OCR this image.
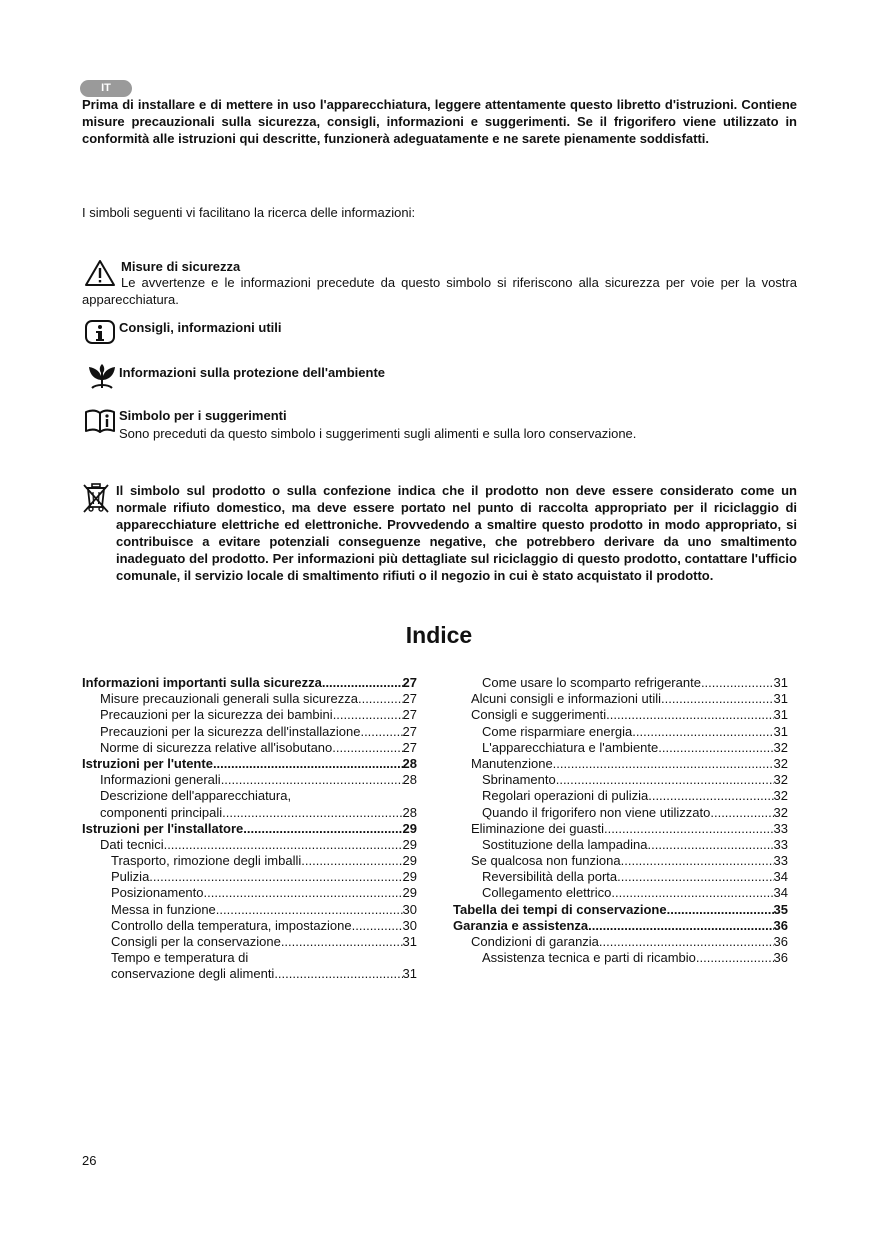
IT

Prima di installare e di mettere in uso l'apparecchiatura, leggere attentamente questo libretto d'istruzioni. Contiene misure precauzionali sulla sicurezza, consigli, informazioni e suggerimenti. Se il frigorifero viene utilizzato in conformità alle istruzioni qui descritte, funzionerà adeguatamente e ne sarete pienamente soddisfatti.

I simboli seguenti vi facilitano la ricerca delle informazioni:

Misure di sicurezza

Le avvertenze e le informazioni precedute da questo simbolo si riferiscono alla sicurezza per voie per la vostra apparecchiatura.

Consigli, informazioni utili

Informazioni sulla protezione dell'ambiente

Simbolo per i suggerimenti

Sono preceduti da questo simbolo i suggerimenti sugli alimenti e sulla loro conservazione.

Il simbolo sul prodotto o sulla confezione indica che il prodotto non deve essere considerato come un normale rifiuto domestico, ma deve essere portato nel punto di raccolta appropriato per il riciclaggio di apparecchiature elettriche ed elettroniche. Provvedendo a smaltire questo prodotto in modo appropriato, si contribuisce a evitare potenziali conseguenze negative, che potrebbero derivare da uno smaltimento inadeguato del prodotto. Per informazioni più dettagliate sul riciclaggio di questo prodotto, contattare l'ufficio comunale, il servizio locale di smaltimento rifiuti o il negozio in cui è stato acquistato il prodotto.

Indice
Informazioni importanti sulla sicurezza .....	27
Misure precauzionali generali sulla sicurezza .....	27
Precauzioni per la sicurezza dei bambini .....	27
Precauzioni per la sicurezza dell'installazione .....	27
Norme di sicurezza relative all'isobutano .....	27
Istruzioni per l'utente .....	28
Informazioni generali .....	28
Descrizione dell'apparecchiatura,
componenti principali .....	28
Istruzioni per l'installatore .....	29
Dati tecnici .....	29
Trasporto, rimozione degli imballi .....	29
Pulizia .....	29
Posizionamento .....	29
Messa in funzione .....	30
Controllo della temperatura, impostazione .....	30
Consigli per la conservazione .....	31
Tempo e temperatura di
conservazione degli alimenti .....	31
Come usare lo scomparto refrigerante .....	31
Alcuni consigli e informazioni utili .....	31
Consigli e suggerimenti .....	31
Come risparmiare energia .....	31
L'apparecchiatura e l'ambiente .....	32
Manutenzione .....	32
Sbrinamento .....	32
Regolari operazioni di pulizia .....	32
Quando il frigorifero non viene utilizzato .....	32
Eliminazione dei guasti .....	33
Sostituzione della lampadina .....	33
Se qualcosa non funziona .....	33
Reversibilità della porta .....	34
Collegamento elettrico .....	34
Tabella dei tempi di conservazione .....	35
Garanzia e assistenza .....	36
Condizioni di garanzia .....	36
Assistenza tecnica e parti di ricambio .....	36

26
